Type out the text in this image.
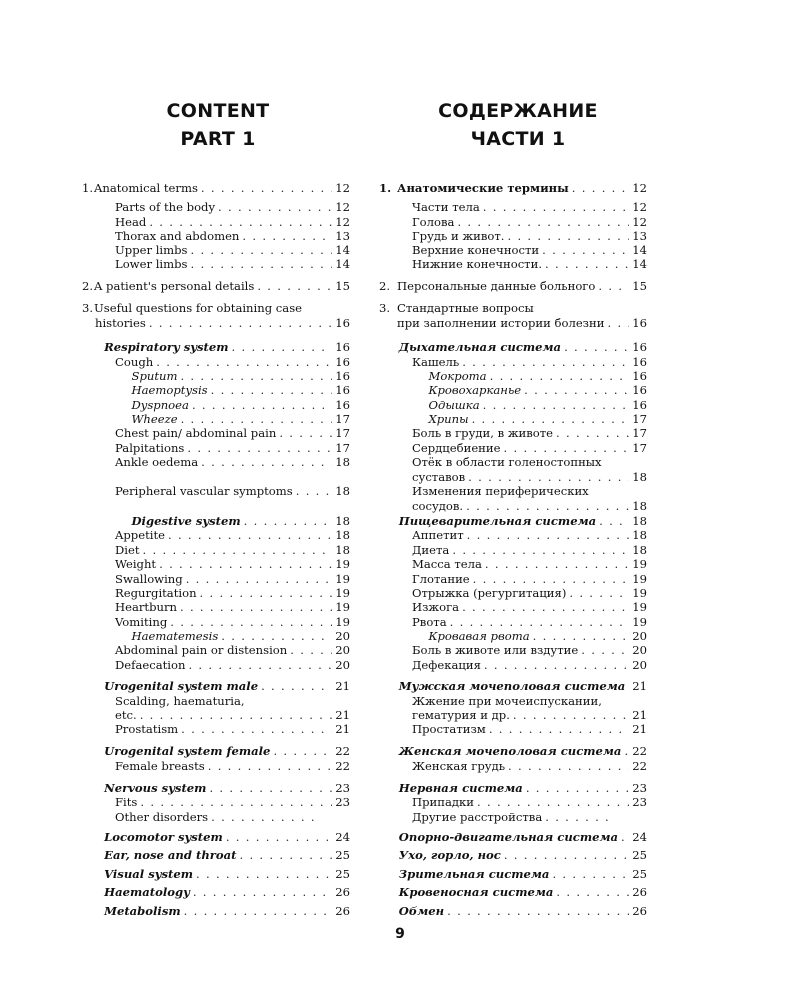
CONTENT
PART 1
СОДЕРЖАНИЕ
ЧАСТИ 1
1. Anatomical terms . . .	12
Parts of the body . . .	12
Head . . .	12
Thorax and abdomen . . .	13
Upper limbs . . .	14
Lower limbs . . .	14
2. A patient's personal details . . .	15
3. Useful questions for obtaining case
histories . . .	16
Respiratory system . . .	16
Cough . . .	16
Sputum . . .	16
Haemoptysis . . .	16
Dyspnoea . . .	16
Wheeze . . .	17
Chest pain/ abdominal pain . . .	17
Palpitations . . .	17
Ankle oedema . . .	18
Peripheral vascular symptoms . . .	18
Digestive system . . .	18
Appetite . . .	18
Diet . . .	18
Weight . . .	19
Swallowing . . .	19
Regurgitation . . .	19
Heartburn . . .	19
Vomiting . . .	19
Haematemesis . . .	20
Abdominal pain or distension . . .	20
Defaecation . . .	20
Urogenital system male . . .	21
Scalding, haematuria,
etc. . . .	21
Prostatism . . .	21
Urogenital system female . . .	22
Female breasts . . .	22
Nervous system . . .	23
Fits . . .	23
Other disorders
. . .
Locomotor system . . .	24
Ear, nose and throat . . .	25
Visual system . . .	25
Haematology . . .	26
Metabolism . . .	26
1. Анатомические термины . . .	12
Части тела . . .	12
Голова . . .	12
Грудь и живот. . . .	13
Верхние конечности . . .	14
Нижние конечности. . . .	14
2. Персональные данные больного . . .	15
3. Стандартные вопросы
при заполнении истории болезни . . . 16
Дыхательная система . . .	16
Кашель . . .	16
Мокрота . . .	16
Кровохарканье . . .	16
Одышка . . .	16
Хрипы . . .	17
Боль в груди, в животе . . .	17
Сердцебиение . . .	17
Отёк в области голеностопных
суставов . . .	18
Изменения периферических
сосудов. . . .	18
Пищеварительная система . . .	18
Аппетит . . .	18
Диета . . .	18
Масса тела . . .	19
Глотание . . .	19
Отрыжка (регургитация) . . .	19
Изжога . . .	19
Рвота . . .	19
Кровавая рвота . . .	20
Боль в животе или вздутие . . .	20
Дефекация . . .	20
Мужская мочеполовая система . . . 21
Жжение при мочеиспускании,
гематурия и др. . . .	21
Простатизм . . .	21
Женская мочеполовая система . . . 22
Женская грудь . . .	22
Нервная система . . .	23
Припадки . . .	23
Другие расстройства
. . .
Опорно-двигательная система . . . 24
Ухо, горло, нос . . .	25
Зрительная система . . .	25
Кровеносная система . . .	26
Обмен . . .	26
9
